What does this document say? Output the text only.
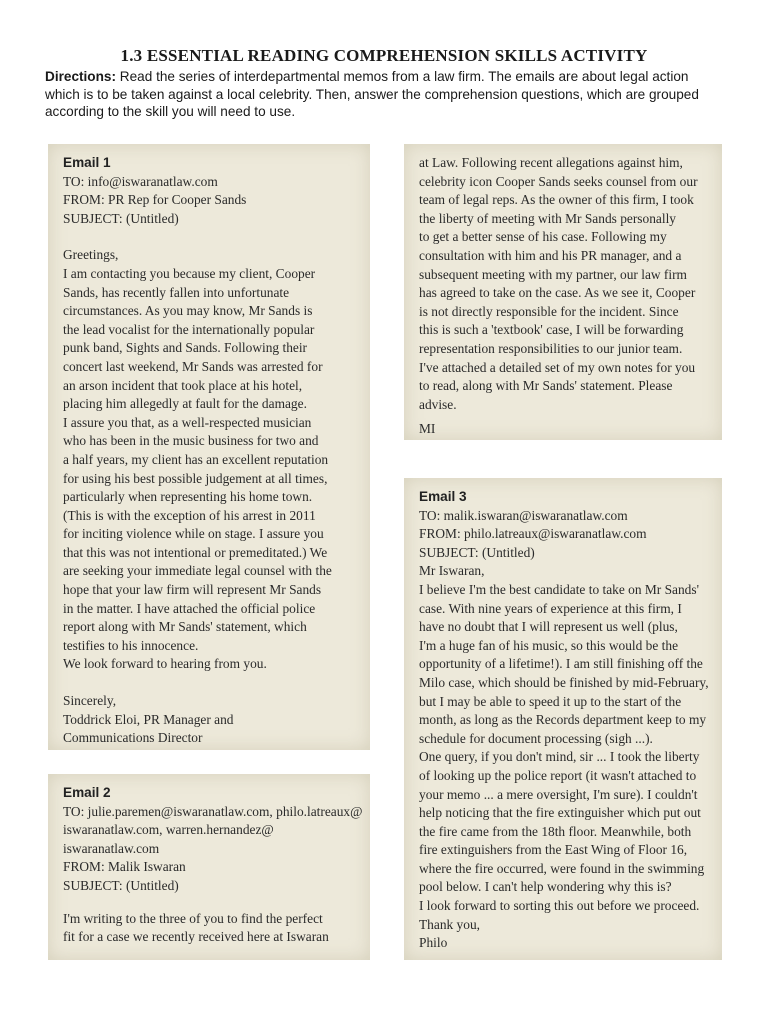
1.3 ESSENTIAL READING COMPREHENSION SKILLS ACTIVITY
Directions: Read the series of interdepartmental memos from a law firm. The emails are about legal action
which is to be taken against a local celebrity. Then, answer the comprehension questions, which are grouped
according to the skill you will need to use.
Email 1
TO: info@iswaranatlaw.com
FROM: PR Rep for Cooper Sands
SUBJECT: (Untitled)
Greetings,
I am contacting you because my client, Cooper
Sands, has recently fallen into unfortunate
circumstances. As you may know, Mr Sands is
the lead vocalist for the internationally popular
punk band, Sights and Sands. Following their
concert last weekend, Mr Sands was arrested for
an arson incident that took place at his hotel,
placing him allegedly at fault for the damage.
I assure you that, as a well-respected musician
who has been in the music business for two and
a half years, my client has an excellent reputation
for using his best possible judgement at all times,
particularly when representing his home town.
(This is with the exception of his arrest in 2011
for inciting violence while on stage. I assure you
that this was not intentional or premeditated.) We
are seeking your immediate legal counsel with the
hope that your law firm will represent Mr Sands
in the matter. I have attached the official police
report along with Mr Sands' statement, which
testifies to his innocence.
We look forward to hearing from you.
Sincerely,
Toddrick Eloi, PR Manager and
Communications Director
Email 2
TO: julie.paremen@iswaranatlaw.com, philo.latreaux@
iswaranatlaw.com, warren.hernandez@
iswaranatlaw.com
FROM: Malik Iswaran
SUBJECT: (Untitled)
I'm writing to the three of you to find the perfect
fit for a case we recently received here at Iswaran
at Law. Following recent allegations against him,
celebrity icon Cooper Sands seeks counsel from our
team of legal reps. As the owner of this firm, I took
the liberty of meeting with Mr Sands personally
to get a better sense of his case. Following my
consultation with him and his PR manager, and a
subsequent meeting with my partner, our law firm
has agreed to take on the case. As we see it, Cooper
is not directly responsible for the incident. Since
this is such a 'textbook' case, I will be forwarding
representation responsibilities to our junior team.
I've attached a detailed set of my own notes for you
to read, along with Mr Sands' statement. Please
advise.
MI
Email 3
TO: malik.iswaran@iswaranatlaw.com
FROM: philo.latreaux@iswaranatlaw.com
SUBJECT: (Untitled)
Mr Iswaran,
I believe I'm the best candidate to take on Mr Sands'
case. With nine years of experience at this firm, I
have no doubt that I will represent us well (plus,
I'm a huge fan of his music, so this would be the
opportunity of a lifetime!). I am still finishing off the
Milo case, which should be finished by mid-February,
but I may be able to speed it up to the start of the
month, as long as the Records department keep to my
schedule for document processing (sigh ...).
One query, if you don't mind, sir ... I took the liberty
of looking up the police report (it wasn't attached to
your memo ... a mere oversight, I'm sure). I couldn't
help noticing that the fire extinguisher which put out
the fire came from the 18th floor. Meanwhile, both
fire extinguishers from the East Wing of Floor 16,
where the fire occurred, were found in the swimming
pool below. I can't help wondering why this is?
I look forward to sorting this out before we proceed.
Thank you,
Philo
